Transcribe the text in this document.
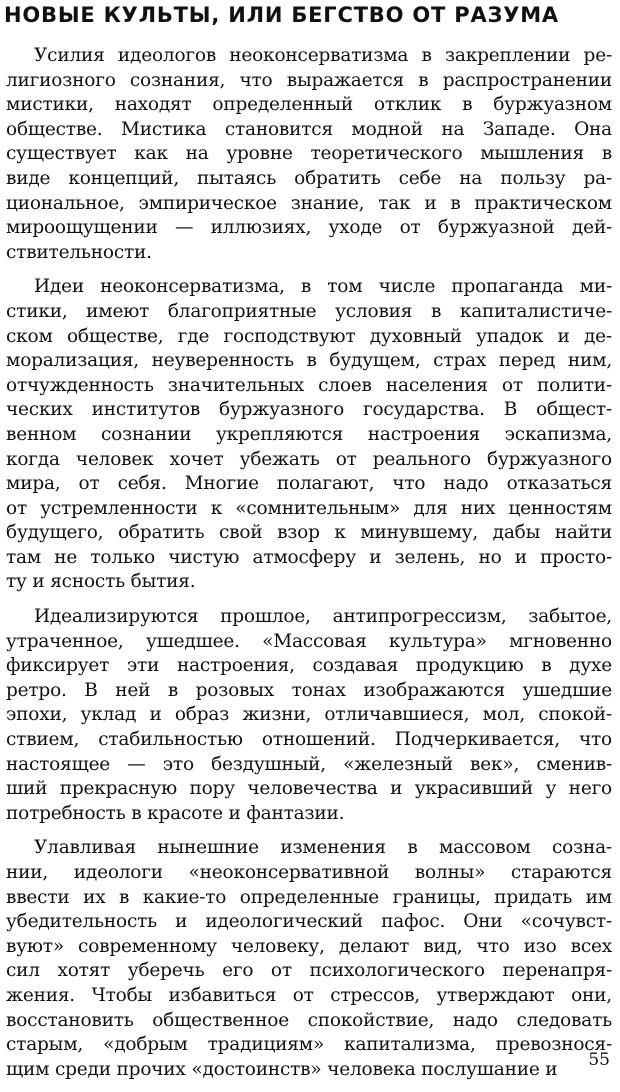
НОВЫЕ КУЛЬТЫ, ИЛИ БЕГСТВО ОТ РАЗУМА
Усилия идеологов неоконсерватизма в закреплении ре-
лигиозного сознания, что выражается в распространении
мистики, находят определенный отклик в буржуазном
обществе. Мистика становится модной на Западе. Она
существует как на уровне теоретического мышления в
виде концепций, пытаясь обратить себе на пользу ра-
циональное, эмпирическое знание, так и в практическом
мироощущении — иллюзиях, уходе от буржуазной дей-
ствительности.
Идеи неоконсерватизма, в том числе пропаганда ми-
стики, имеют благоприятные условия в капиталистиче-
ском обществе, где господствуют духовный упадок и де-
морализация, неуверенность в будущем, страх перед ним,
отчужденность значительных слоев населения от полити-
ческих институтов буржуазного государства. В общест-
венном сознании укрепляются настроения эскапизма,
когда человек хочет убежать от реального буржуазного
мира, от себя. Многие полагают, что надо отказаться
от устремленности к «сомнительным» для них ценностям
будущего, обратить свой взор к минувшему, дабы найти
там не только чистую атмосферу и зелень, но и просто-
ту и ясность бытия.
Идеализируются прошлое, антипрогрессизм, забытое,
утраченное, ушедшее. «Массовая культура» мгновенно
фиксирует эти настроения, создавая продукцию в духе
ретро. В ней в розовых тонах изображаются ушедшие
эпохи, уклад и образ жизни, отличавшиеся, мол, спокой-
ствием, стабильностью отношений. Подчеркивается, что
настоящее — это бездушный, «железный век», сменив-
ший прекрасную пору человечества и украсивший у него
потребность в красоте и фантазии.
Улавливая нынешние изменения в массовом созна-
нии, идеологи «неоконсервативной волны» стараются
ввести их в какие-то определенные границы, придать им
убедительность и идеологический пафос. Они «сочувст-
вуют» современному человеку, делают вид, что изо всех
сил хотят уберечь его от психологического перенапря-
жения. Чтобы избавиться от стрессов, утверждают они,
восстановить общественное спокойствие, надо следовать
старым, «добрым традициям» капитализма, превознося-
щим среди прочих «достоинств» человека послушание и	55
